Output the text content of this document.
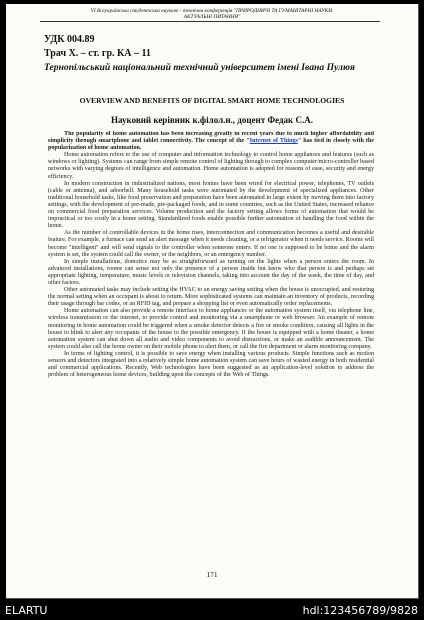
VI Всеукраїнська студентська науково - технічна конференція "ПРИРОДНИЧІ ТА ГУМАНІТАРНІ НАУКИ.
АКТУАЛЬНІ ПИТАННЯ"
УДК 004.89
Трач Х. – ст. гр. КА – 11
Тернопільський національний технічний університет імені Івана Пулюя
OVERVIEW AND BENEFITS OF DIGITAL SMART HOME TECHNOLOGIES
Науковий керівник к.філол.н., доцент Федак С.А.

The popularity of home automation has been increasing greatly in recent years due to much higher affordability and simplicity through smartphone and tablet connectivity. The concept of the "Internet of Things" has tied in closely with the popularization of home automation.

Home automation refers to the use of computer and information technology to control home appliances and features (such as windows or lighting). Systems can range from simple remote control of lighting through to complex computer/micro-controller based networks with varying degrees of intelligence and automation. Home automation is adopted for reasons of ease, security and energy efficiency.

In modern construction in industrialized nations, most homes have been wired for electrical power, telephones, TV outlets (cable or antenna), and adoorbell. Many household tasks were automated by the development of specialized appliances. Other traditional household tasks, like food preservation and preparation have been automated in large extent by moving them into factory settings, with the development of pre-made, pre-packaged foods, and in some countries, such as the United States, increased reliance on commercial food preparation services. Volume production and the factory setting allows forms of automation that would be impractical or too costly in a home setting. Standardized foods enable possible further automation of handling the food within the home.

As the number of controllable devices in the home rises, interconnection and communication becomes a useful and desirable feature. For example, a furnace can send an alert message when it needs cleaning, or a refrigerator when it needs service. Rooms will become "intelligent" and will send signals to the controller when someone enters. If no one is supposed to be home and the alarm system is set, the system could call the owner, or the neighbors, or an emergency number.

In simple installations, domotics may be as straightforward as turning on the lights when a person enters the room. In advanced installations, rooms can sense not only the presence of a person inside but know who that person is and perhaps set appropriate lighting, temperature, music levels or television channels, taking into account the day of the week, the time of day, and other factors.

Other automated tasks may include setting the HVAC to an energy saving setting when the house is unoccupied, and restoring the normal setting when an occupant is about to return. More sophisticated systems can maintain an inventory of products, recording their usage through bar codes, or an RFID tag, and prepare a shopping list or even automatically order replacements.

Home automation can also provide a remote interface to home appliances or the automation system itself, via telephone line, wireless transmission or the internet, to provide control and monitoring via a smartphone or web browser. An example of remote monitoring in home automation could be triggered when a smoke detector detects a fire or smoke condition, causing all lights in the house to blink to alert any occupants of the house to the possible emergency. If the house is equipped with a home theater, a home automation system can shut down all audio and video components to avoid distractions, or make an audible announcement. The system could also call the home owner on their mobile phone to alert them, or call the fire department or alarm monitoring company.

In terms of lighting control, it is possible to save energy when installing various products. Simple functions such as motion sensors and detectors integrated into a relatively simple home automation system can save hours of wasted energy in both residential and commercial applications. Recently, Web technologies have been suggested as an application-level solution to address the problem of heterogeneous home devices, building upon the concepts of the Web of Things.

171
ELARTU	hdl:123456789/9828
